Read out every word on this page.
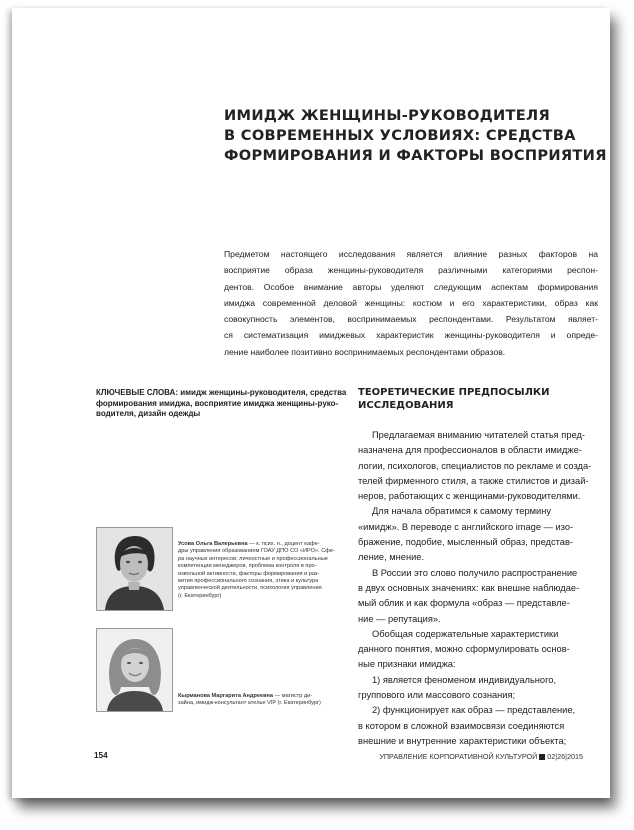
ИМИДЖ ЖЕНЩИНЫ-РУКОВОДИТЕЛЯ
В СОВРЕМЕННЫХ УСЛОВИЯХ: СРЕДСТВА
ФОРМИРОВАНИЯ И ФАКТОРЫ ВОСПРИЯТИЯ
Предметом настоящего исследования является влияние разных факторов на
восприятие образа женщины-руководителя различными категориями респон-
дентов. Особое внимание авторы уделяют следующим аспектам формирования
имиджа современной деловой женщины: костюм и его характеристики, образ как
совокупность элементов, воспринимаемых респондентами. Результатом являет-
ся систематизация имиджевых характеристик женщины-руководителя и опреде-
ление наиболее позитивно воспринимаемых респондентами образов.
КЛЮЧЕВЫЕ СЛОВА: имидж женщины-руководителя, средства
формирования имиджа, восприятие имиджа женщины-руко-
водителя, дизайн одежды
Усова Ольга Валерьевна — к. псих. н., доцент кафе-
дры управления образованием ГОАУ ДПО СО «ИРО». Сфе-
ра научных интересов: личностные и профессиональные
компетенции менеджеров, проблема контроля в про-
извольной активности, факторы формирования и раз-
вития профессионального сознания, этика и культура
управленческой деятельности, психология управления
(г. Екатеринбург)
Кырманова Маргарита Андреевна — магистр ди-
зайна, имидж-консультант ателье VIP (г. Екатеринбург)
ТЕОРЕТИЧЕСКИЕ ПРЕДПОСЫЛКИ
ИССЛЕДОВАНИЯ
Предлагаемая вниманию читателей статья пред-
назначена для профессионалов в области имидже-
логии, психологов, специалистов по рекламе и созда-
телей фирменного стиля, а также стилистов и дизай-
неров, работающих с женщинами-руководителями.
Для начала обратимся к самому термину
«имидж». В переводе с английского image — изо-
бражение, подобие, мысленный образ, представ-
ление, мнение.
В России это слово получило распространение
в двух основных значениях: как внешне наблюдае-
мый облик и как формула «образ — представле-
ние — репутация».
Обобщая содержательные характеристики
данного понятия, можно сформулировать основ-
ные признаки имиджа:
1) является феноменом индивидуального,
группового или массового сознания;
2) функционирует как образ — представление,
в котором в сложной взаимосвязи соединяются
внешние и внутренние характеристики объекта;
154	УПРАВЛЕНИЕ КОРПОРАТИВНОЙ КУЛЬТУРОЙ 02|26|2015
